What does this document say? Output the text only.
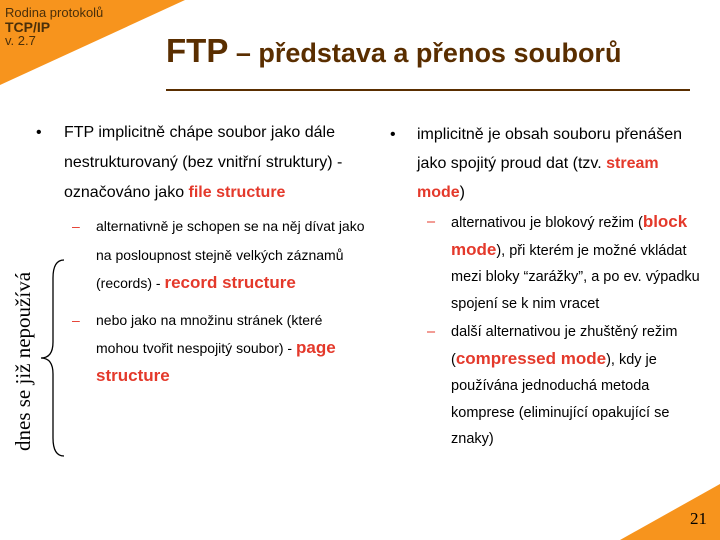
Rodina protokolů
TCP/IP
v. 2.7	FTP – představa a přenos souborů
• FTP implicitně chápe soubor jako dále nestrukturovaný (bez vnitřní struktury) - označováno jako file structure
– alternativně je schopen se na něj dívat jako na posloupnost stejně velkých záznamů (records) - record structure
– nebo jako na množinu stránek (které mohou tvořit nespojitý soubor) - page structure
dnes se již nepoužívá
• implicitně je obsah souboru přenášen jako spojitý proud dat (tzv. stream mode)
– alternativou je blokový režim (block mode), při kterém je možné vkládat mezi bloky “zarážky”, a po ev. výpadku spojení se k nim vracet
– další alternativou je zhuštěný režim (compressed mode), kdy je používána jednoduchá metoda komprese (eliminující opakující se znaky)
21
